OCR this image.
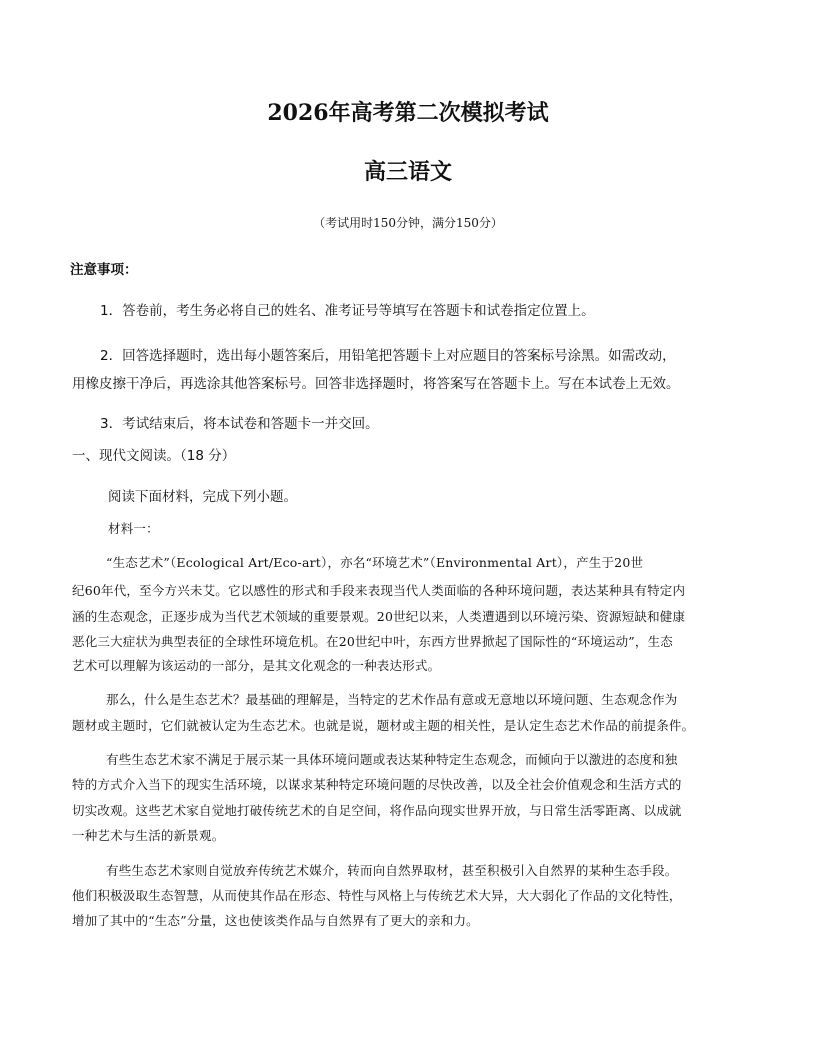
2026年高考第二次模拟考试
高三语文
（考试用时150分钟，满分150分）
注意事项：
1．答卷前，考生务必将自己的姓名、准考证号等填写在答题卡和试卷指定位置上。
2．回答选择题时，选出每小题答案后，用铅笔把答题卡上对应题目的答案标号涂黑。如需改动，
用橡皮擦干净后，再选涂其他答案标号。回答非选择题时，将答案写在答题卡上。写在本试卷上无效。
3．考试结束后，将本试卷和答题卡一并交回。
一、现代文阅读。（18 分）
阅读下面材料，完成下列小题。
材料一：
“生态艺术”（Ecological Art/Eco-art），亦名“环境艺术”（Environmental Art），产生于20世
纪60年代，至今方兴未艾。它以感性的形式和手段来表现当代人类面临的各种环境问题，表达某种具有特定内
涵的生态观念，正逐步成为当代艺术领域的重要景观。20世纪以来，人类遭遇到以环境污染、资源短缺和健康
恶化三大症状为典型表征的全球性环境危机。在20世纪中叶，东西方世界掀起了国际性的“环境运动”，生态
艺术可以理解为该运动的一部分，是其文化观念的一种表达形式。
那么，什么是生态艺术？最基础的理解是，当特定的艺术作品有意或无意地以环境问题、生态观念作为
题材或主题时，它们就被认定为生态艺术。也就是说，题材或主题的相关性，是认定生态艺术作品的前提条件。
有些生态艺术家不满足于展示某一具体环境问题或表达某种特定生态观念，而倾向于以激进的态度和独
特的方式介入当下的现实生活环境，以谋求某种特定环境问题的尽快改善，以及全社会价值观念和生活方式的
切实改观。这些艺术家自觉地打破传统艺术的自足空间，将作品向现实世界开放，与日常生活零距离、以成就
一种艺术与生活的新景观。
有些生态艺术家则自觉放弃传统艺术媒介，转而向自然界取材，甚至积极引入自然界的某种生态手段。
他们积极汲取生态智慧，从而使其作品在形态、特性与风格上与传统艺术大异，大大弱化了作品的文化特性，
增加了其中的“生态”分量，这也使该类作品与自然界有了更大的亲和力。
